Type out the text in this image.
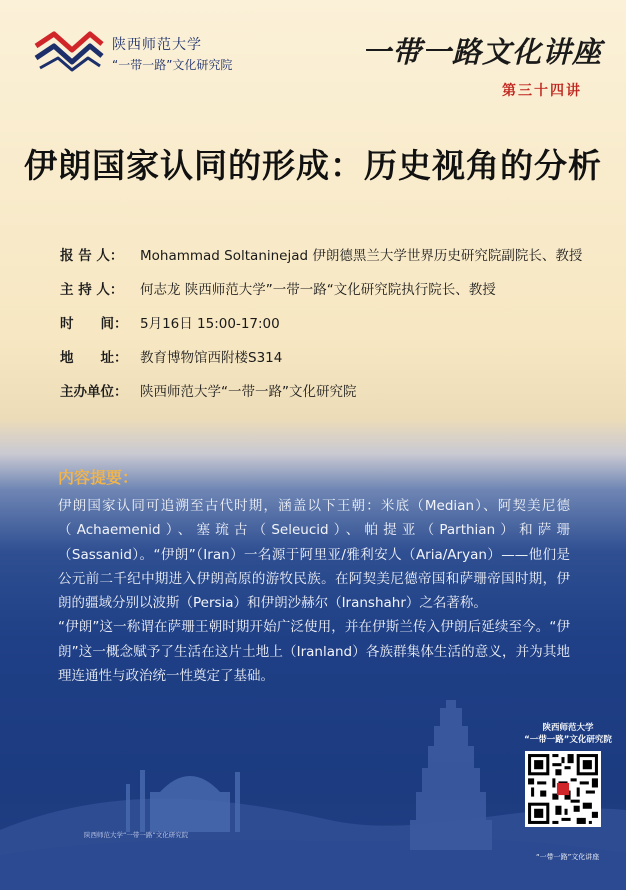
陕西师范大学
“一带一路”文化研究院	一带一路文化讲座
第三十四讲
伊朗国家认同的形成：历史视角的分析
报 告 人： Mohammad Soltaninejad 伊朗德黑兰大学世界历史研究院副院长、教授
主 持 人： 何志龙 陕西师范大学”一带一路“文化研究院执行院长、教授
时　　间： 5月16日 15:00-17:00
地　　址： 教育博物馆西附楼S314
主办单位： 陕西师范大学“一带一路”文化研究院
内容提要：
伊朗国家认同可追溯至古代时期，涵盖以下王朝：米底（Median）、阿契美尼德（Achaemenid）、塞琉古（Seleucid）、帕提亚（Parthian）和萨珊（Sassanid）。“伊朗”（Iran）一名源于阿里亚/雅利安人（Aria/Aryan）——他们是公元前二千纪中期进入伊朗高原的游牧民族。在阿契美尼德帝国和萨珊帝国时期，伊朗的疆域分别以波斯（Persia）和伊朗沙赫尔（Iranshahr）之名著称。
“伊朗”这一称谓在萨珊王朝时期开始广泛使用，并在伊斯兰传入伊朗后延续至今。“伊朗”这一概念赋予了生活在这片土地上（Iranland）各族群集体生活的意义，并为其地理连通性与政治统一性奠定了基础。
陕西师范大学
“一带一路”文化研究院
陕西师范大学“一带一路”文化研究院
“一带一路”文化讲座
